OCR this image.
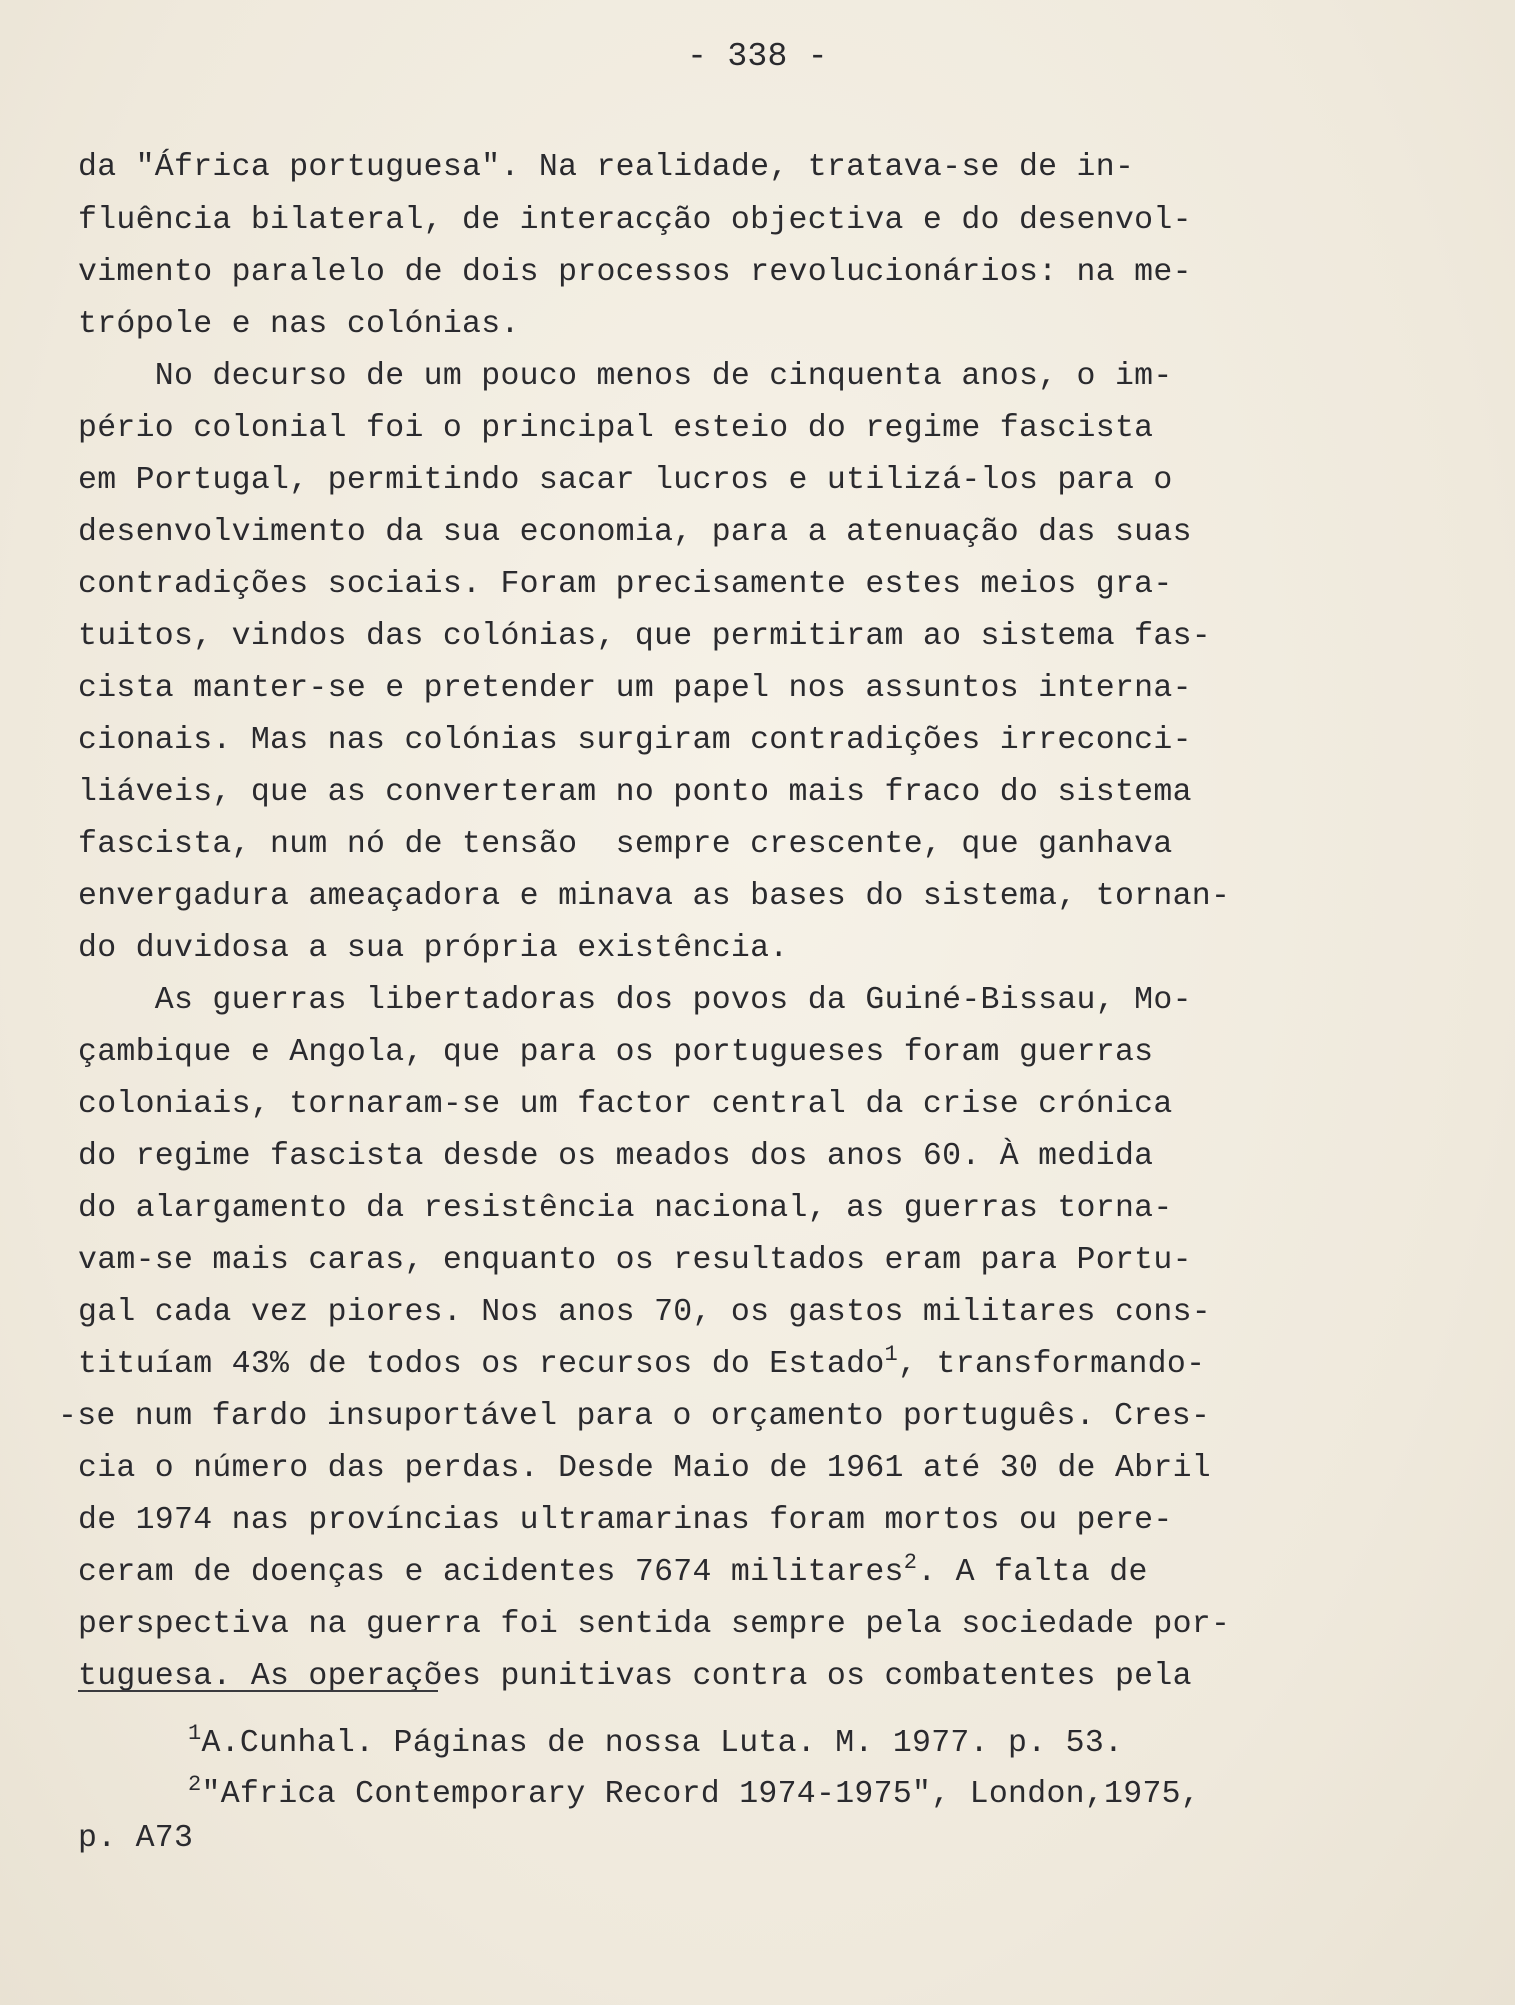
- 338 -
da "África portuguesa". Na realidade, tratava-se de in-
fluência bilateral, de interacção objectiva e do desenvol-
vimento paralelo de dois processos revolucionários: na me-
trópole e nas colónias.
No decurso de um pouco menos de cinquenta anos, o im-
pério colonial foi o principal esteio do regime fascista
em Portugal, permitindo sacar lucros e utilizá-los para o
desenvolvimento da sua economia, para a atenuação das suas
contradições sociais. Foram precisamente estes meios gra-
tuitos, vindos das colónias, que permitiram ao sistema fas-
cista manter-se e pretender um papel nos assuntos interna-
cionais. Mas nas colónias surgiram contradições irreconci-
liáveis, que as converteram no ponto mais fraco do sistema
fascista, num nó de tensão  sempre crescente, que ganhava
envergadura ameaçadora e minava as bases do sistema, tornan-
do duvidosa a sua própria existência.
As guerras libertadoras dos povos da Guiné-Bissau, Mo-
çambique e Angola, que para os portugueses foram guerras
coloniais, tornaram-se um factor central da crise crónica
do regime fascista desde os meados dos anos 60. À medida
do alargamento da resistência nacional, as guerras torna-
vam-se mais caras, enquanto os resultados eram para Portu-
gal cada vez piores. Nos anos 70, os gastos militares cons-
tituíam 43% de todos os recursos do Estado$^1$, transformando-
-se num fardo insuportável para o orçamento português. Cres-
cia o número das perdas. Desde Maio de 1961 até 30 de Abril
de 1974 nas províncias ultramarinas foram mortos ou pere-
ceram de doenças e acidentes 7674 militares$^2$. A falta de
perspectiva na guerra foi sentida sempre pela sociedade por-
tuguesa. As operações punitivas contra os combatentes pela
$^1$A.Cunhal. Páginas de nossa Luta. M. 1977. p. 53.
$^2$"Africa Contemporary Record 1974-1975", London,1975,
p. A73
